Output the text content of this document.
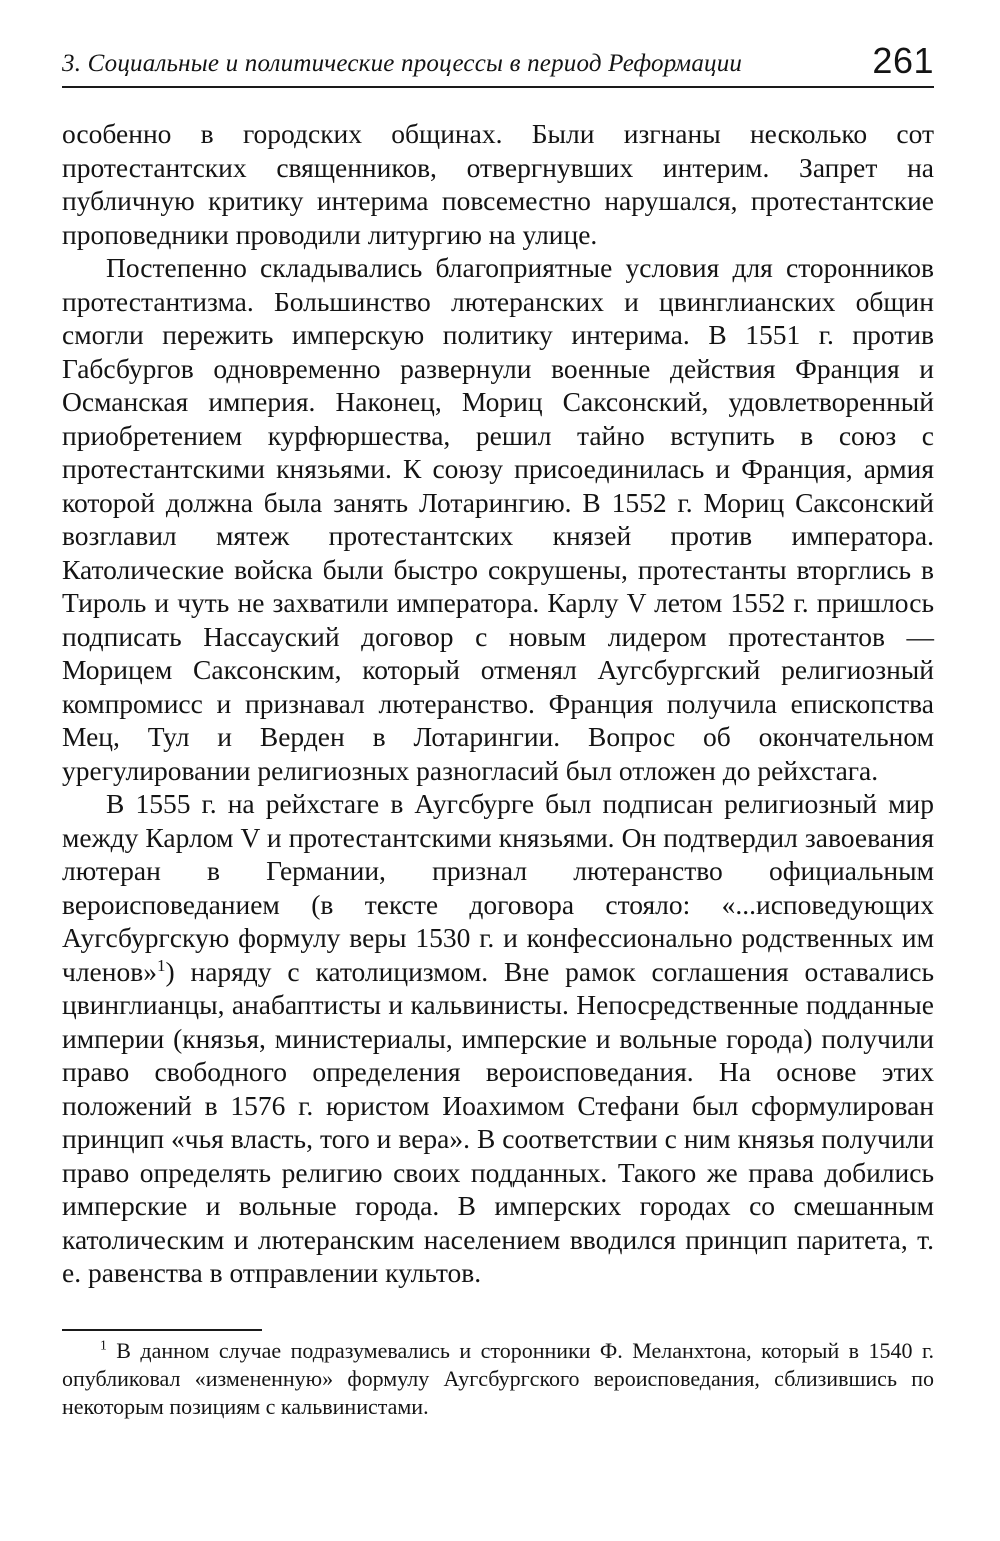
3. Социальные и политические процессы в период Реформации	261

особенно в городских общинах. Были изгнаны несколько сот протестантских священников, отвергнувших интерим. Запрет на публичную критику интерима повсеместно нарушался, протестантские проповедники проводили литургию на улице.

Постепенно складывались благоприятные условия для сторонников протестантизма. Большинство лютеранских и цвинглианских общин смогли пережить имперскую политику интерима. В 1551 г. против Габсбургов одновременно развернули военные действия Франция и Османская империя. Наконец, Мориц Саксонский, удовлетворенный приобретением курфюршества, решил тайно вступить в союз с протестантскими князьями. К союзу присоединилась и Франция, армия которой должна была занять Лотарингию. В 1552 г. Мориц Саксонский возглавил мятеж протестантских князей против императора. Католические войска были быстро сокрушены, протестанты вторглись в Тироль и чуть не захватили императора. Карлу V летом 1552 г. пришлось подписать Нассауский договор с новым лидером протестантов — Морицем Саксонским, который отменял Аугсбургский религиозный компромисс и признавал лютеранство. Франция получила епископства Мец, Тул и Верден в Лотарингии. Вопрос об окончательном урегулировании религиозных разногласий был отложен до рейхстага.

В 1555 г. на рейхстаге в Аугсбурге был подписан религиозный мир между Карлом V и протестантскими князьями. Он подтвердил завоевания лютеран в Германии, признал лютеранство официальным вероисповеданием (в тексте договора стояло: «...исповедующих Аугсбургскую формулу веры 1530 г. и конфессионально родственных им членов»$^1$) наряду с католицизмом. Вне рамок соглашения оставались цвинглианцы, анабаптисты и кальвинисты. Непосредственные подданные империи (князья, министериалы, имперские и вольные города) получили право свободного определения вероисповедания. На основе этих положений в 1576 г. юристом Иоахимом Стефани был сформулирован принцип «чья власть, того и вера». В соответствии с ним князья получили право определять религию своих подданных. Такого же права добились имперские и вольные города. В имперских городах со смешанным католическим и лютеранским населением вводился принцип паритета, т. е. равенства в отправлении культов.

$^1$ В данном случае подразумевались и сторонники Ф. Меланхтона, который в 1540 г. опубликовал «измененную» формулу Аугсбургского вероисповедания, сблизившись по некоторым позициям с кальвинистами.
